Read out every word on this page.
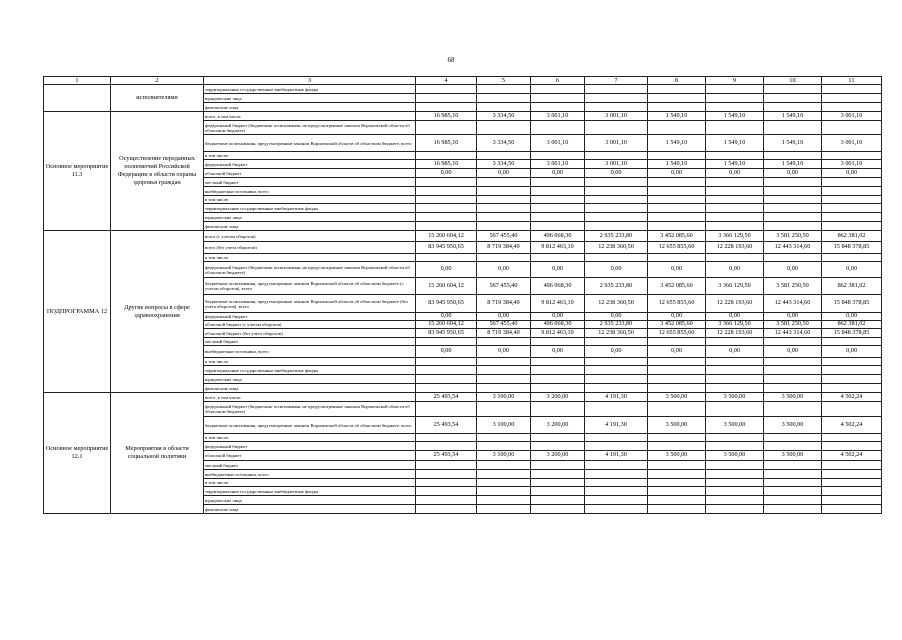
68
1	2	3	4	5	6	7	8	9	10	11
	исполнителями	территориальные государственные внебюджетные фонды								
		юридические лица								
		физические лица								
Основное мероприятие 11.3	Осуществление переданных полномочий Российской Федерации в области охраны здоровья граждан	всего, в том числе:	16 985,10	3 334,50	3 001,10	3 001,10	1 549,10	1 549,10	1 549,10	3 001,10
		федеральный бюджет (бюджетные ассигнования, не предусмотренные законом Воронежской области об областном бюджете)								
		бюджетные ассигнования, предусмотренные законом Воронежской области об областном бюджете, всего	16 985,10	3 334,50	3 001,10	3 001,10	1 549,10	1 549,10	1 549,10	3 001,10
		в том числе:								
		федеральный бюджет	16 985,10	3 334,50	3 001,10	3 001,10	1 549,10	1 549,10	1 549,10	3 001,10
		областной бюджет	0,00	0,00	0,00	0,00	0,00	0,00	0,00	0,00
		местный бюджет								
		внебюджетные источники, всего								
		в том числе:								
		территориальные государственные внебюджетные фонды								
		юридические лица								
		физические лица								
ПОДПРОГРАММА 12	Другие вопросы в сфере здравоохранения	всего (с учетом оборотов)	15 260 604,12	567 455,40	496 068,30	2 935 233,80	3 452 085,60	3 366 129,50	3 581 250,50	862 381,02
		всего (без учета оборотов)	83 945 950,65	8 719 384,40	9 812 463,10	12 238 360,50	12 655 855,60	12 228 193,60	12 443 314,60	15 848 378,85
		в том числе:								
		федеральный бюджет (бюджетные ассигнования, не предусмотренные законом Воронежской области об областном бюджете)	0,00	0,00	0,00	0,00	0,00	0,00	0,00	0,00
		бюджетные ассигнования, предусмотренные законом Воронежской области об областном бюджете (с учетом оборотов), всего	15 260 604,12	567 455,40	496 068,30	2 935 233,80	3 452 085,60	3 366 129,50	3 581 250,50	862 381,02
		бюджетные ассигнования, предусмотренные законом Воронежской области об областном бюджете (без учета оборотов), всего	83 945 950,65	8 719 384,40	9 812 463,10	12 238 360,50	12 655 855,60	12 228 193,60	12 443 314,60	15 848 378,85
		федеральный бюджет	0,00	0,00	0,00	0,00	0,00	0,00	0,00	0,00
		областной бюджет (с учетом оборотов)	15 260 604,12	567 455,40	496 068,30	2 935 233,80	3 452 085,60	3 366 129,50	3 581 250,50	862 381,02
		областной бюджет (без учета оборотов)	83 945 950,65	8 719 384,40	9 812 463,10	12 238 360,50	12 655 855,60	12 228 193,60	12 443 314,60	15 848 378,85
		местный бюджет								
		внебюджетные источники, всего	0,00	0,00	0,00	0,00	0,00	0,00	0,00	0,00
		в том числе:								
		территориальные государственные внебюджетные фонды								
		юридические лица								
		физические лица								
Основное мероприятие 12.1	Мероприятия в области социальной политики	всего, в том числе:	25 493,54	3 100,00	3 200,00	4 191,30	3 500,00	3 500,00	3 500,00	4 502,24
		федеральный бюджет (бюджетные ассигнования, не предусмотренные законом Воронежской области об областном бюджете)								
		бюджетные ассигнования, предусмотренные законом Воронежской области об областном бюджете, всего	25 493,54	3 100,00	3 200,00	4 191,30	3 500,00	3 500,00	3 500,00	4 502,24
		в том числе:								
		федеральный бюджет								
		областной бюджет	25 493,54	3 100,00	3 200,00	4 191,30	3 500,00	3 500,00	3 500,00	4 502,24
		местный бюджет								
		внебюджетные источники, всего								
		в том числе:								
		территориальные государственные внебюджетные фонды								
		юридические лица								
		физические лица								
